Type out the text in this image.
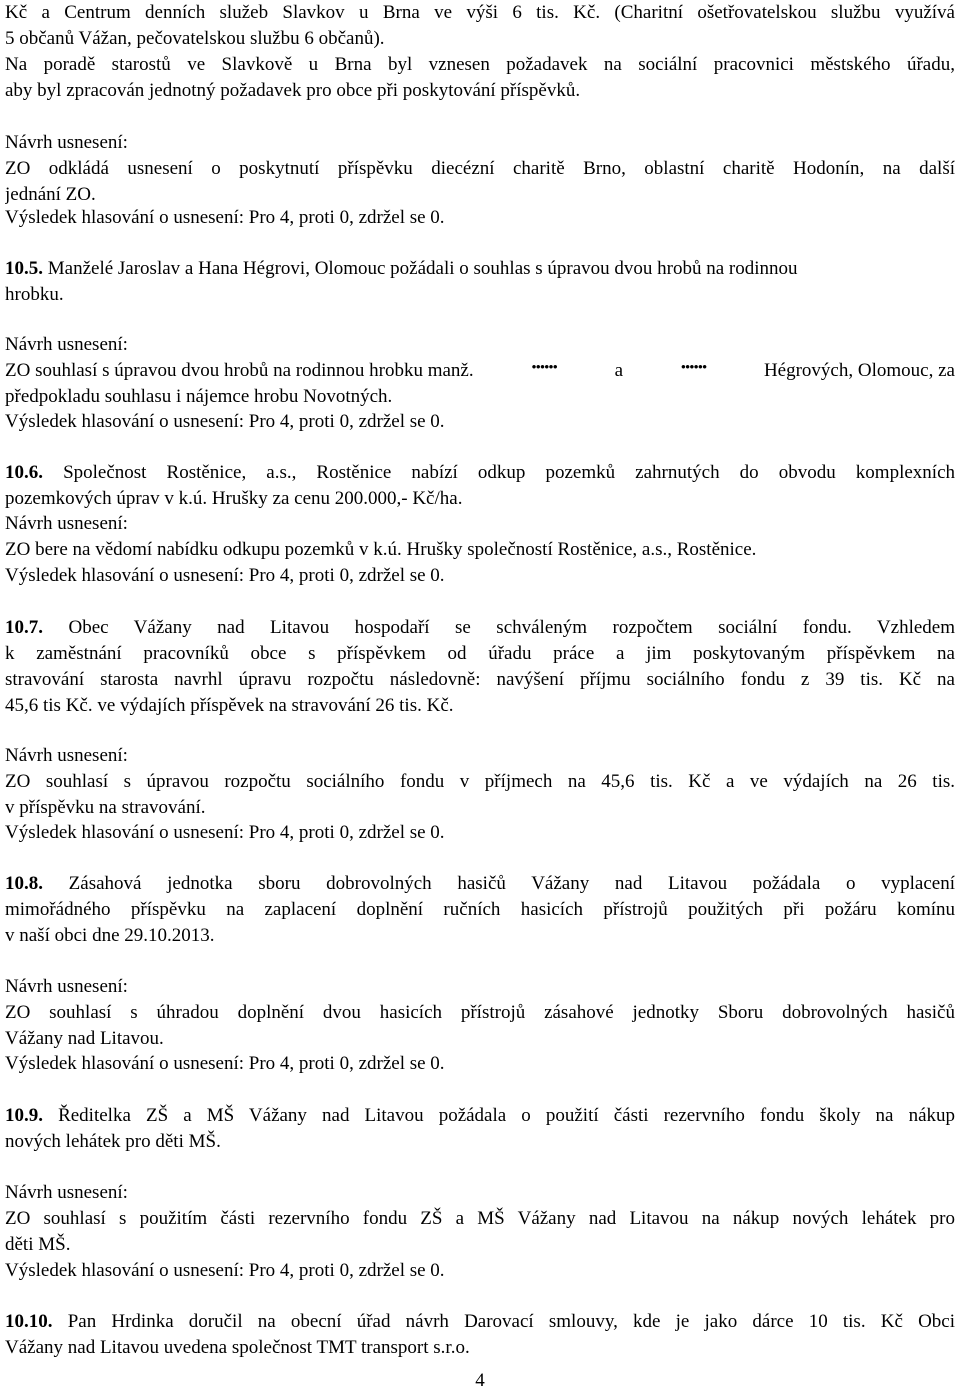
Kč a Centrum denních služeb Slavkov u Brna ve výši 6 tis. Kč. (Charitní ošetřovatelskou službu využívá
5 občanů Vážan, pečovatelskou službu 6 občanů).
Na poradě starostů ve Slavkově u Brna byl vznesen požadavek na sociální pracovnici městského úřadu,
aby byl zpracován jednotný požadavek pro obce při poskytování příspěvků.
Návrh usnesení:
ZO odkládá usnesení o poskytnutí příspěvku diecézní charitě Brno, oblastní charitě Hodonín, na další
jednání ZO.
Výsledek hlasování o usnesení: Pro 4, proti 0, zdržel se 0.
10.5. Manželé Jaroslav a Hana Hégrovi, Olomouc požádali o souhlas s úpravou dvou hrobů na rodinnou
hrobku.
Návrh usnesení:
ZO souhlasí s úpravou dvou hrobů na rodinnou hrobku manž.	••••••	a	••••••	Hégrových, Olomouc, za
předpokladu souhlasu i nájemce hrobu Novotných.
Výsledek hlasování o usnesení: Pro 4, proti 0, zdržel se 0.
10.6. Společnost Rostěnice, a.s., Rostěnice nabízí odkup pozemků zahrnutých do obvodu komplexních
pozemkových úprav v k.ú. Hrušky za cenu 200.000,- Kč/ha.
Návrh usnesení:
ZO bere na vědomí nabídku odkupu pozemků v k.ú. Hrušky společností Rostěnice, a.s., Rostěnice.
Výsledek hlasování o usnesení: Pro 4, proti 0, zdržel se 0.
10.7. Obec Vážany nad Litavou hospodaří se schváleným rozpočtem sociální fondu. Vzhledem
k zaměstnání pracovníků obce s příspěvkem od úřadu práce a jim poskytovaným příspěvkem na
stravování starosta navrhl úpravu rozpočtu následovně: navýšení příjmu sociálního fondu z 39 tis. Kč na
45,6 tis Kč. ve výdajích příspěvek na stravování 26 tis. Kč.
Návrh usnesení:
ZO souhlasí s úpravou rozpočtu sociálního fondu v příjmech na 45,6 tis. Kč a ve výdajích na 26 tis.
v příspěvku na stravování.
Výsledek hlasování o usnesení: Pro 4, proti 0, zdržel se 0.
10.8. Zásahová jednotka sboru dobrovolných hasičů Vážany nad Litavou požádala o vyplacení
mimořádného příspěvku na zaplacení doplnění ručních hasicích přístrojů použitých při požáru komínu
v naší obci dne 29.10.2013.
Návrh usnesení:
ZO souhlasí s úhradou doplnění dvou hasicích přístrojů zásahové jednotky Sboru dobrovolných hasičů
Vážany nad Litavou.
Výsledek hlasování o usnesení: Pro 4, proti 0, zdržel se 0.
10.9. Ředitelka ZŠ a MŠ Vážany nad Litavou požádala o použití části rezervního fondu školy na nákup
nových lehátek pro děti MŠ.
Návrh usnesení:
ZO souhlasí s použitím části rezervního fondu ZŠ a MŠ Vážany nad Litavou na nákup nových lehátek pro
děti MŠ.
Výsledek hlasování o usnesení: Pro 4, proti 0, zdržel se 0.
10.10. Pan Hrdinka doručil na obecní úřad návrh Darovací smlouvy, kde je jako dárce 10 tis. Kč Obci
Vážany nad Litavou uvedena společnost TMT transport s.r.o.
4
